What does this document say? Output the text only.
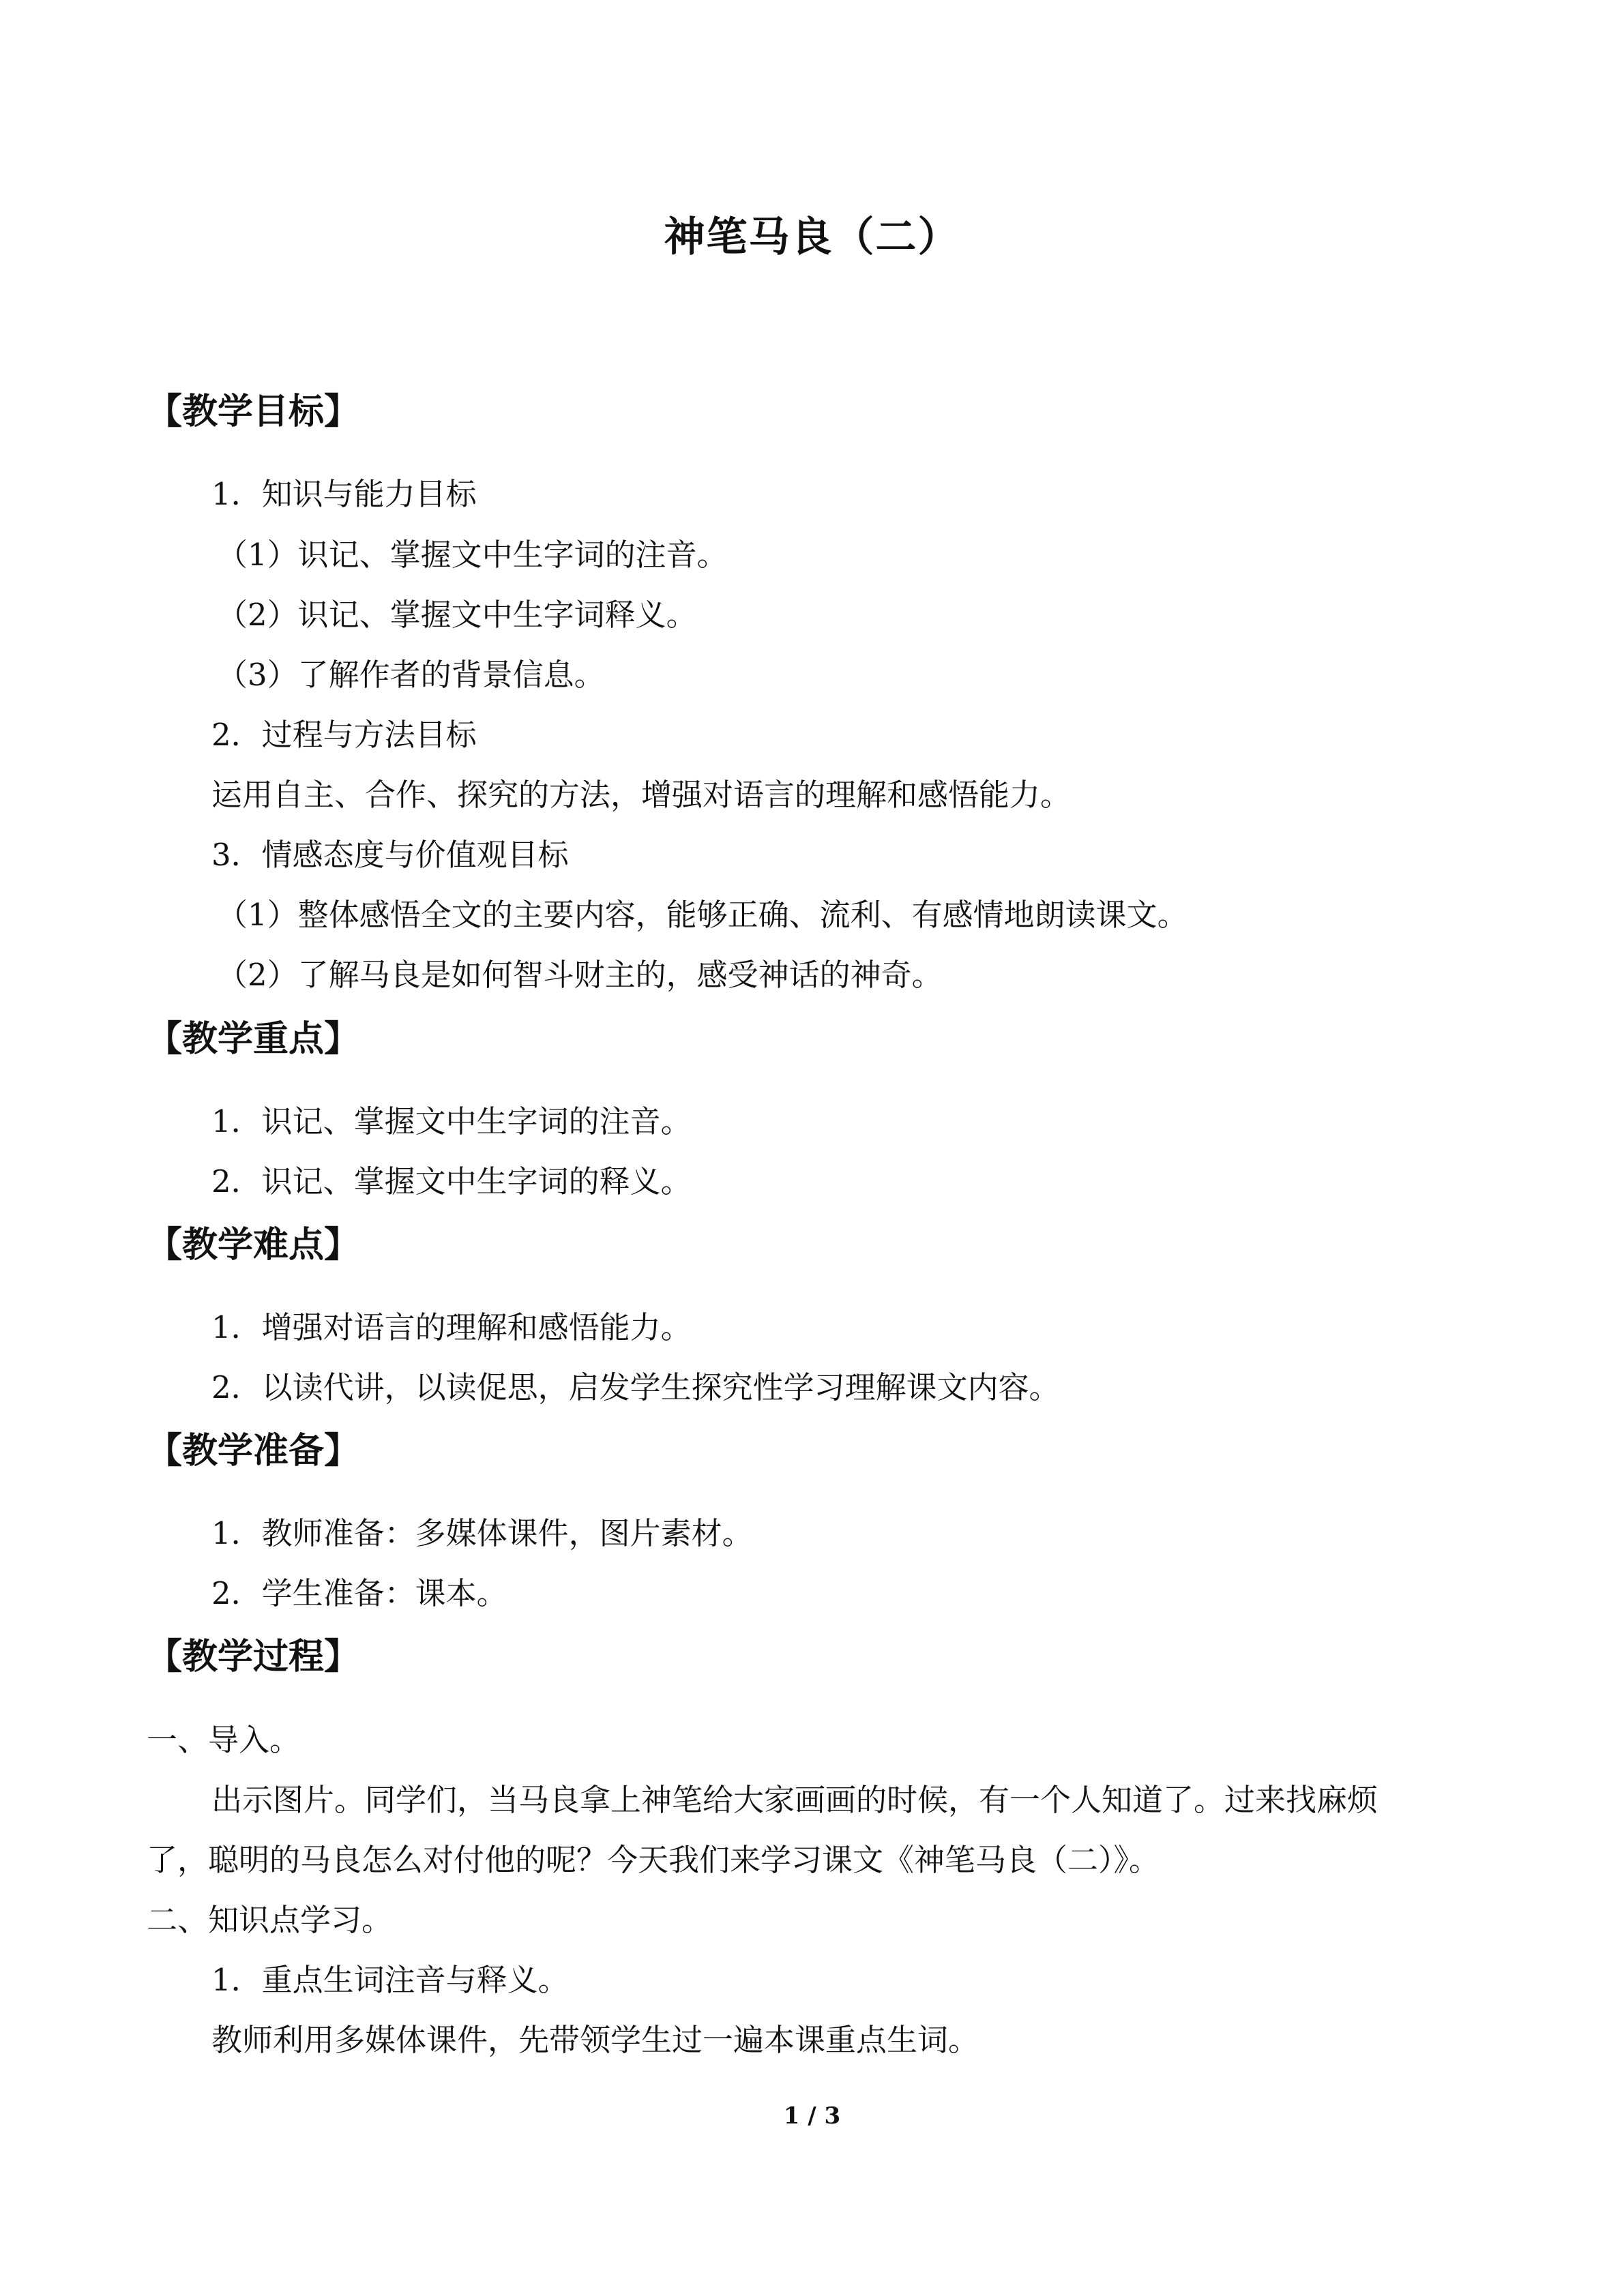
神笔马良（二）
【教学目标】
1．知识与能力目标
（1）识记、掌握文中生字词的注音。
（2）识记、掌握文中生字词释义。
（3）了解作者的背景信息。
2．过程与方法目标
运用自主、合作、探究的方法，增强对语言的理解和感悟能力。
3．情感态度与价值观目标
（1）整体感悟全文的主要内容，能够正确、流利、有感情地朗读课文。
（2）了解马良是如何智斗财主的，感受神话的神奇。
【教学重点】
1．识记、掌握文中生字词的注音。
2．识记、掌握文中生字词的释义。
【教学难点】
1．增强对语言的理解和感悟能力。
2．以读代讲，以读促思，启发学生探究性学习理解课文内容。
【教学准备】
1．教师准备：多媒体课件，图片素材。
2．学生准备：课本。
【教学过程】
一、导入。
出示图片。同学们，当马良拿上神笔给大家画画的时候，有一个人知道了。过来找麻烦
了，聪明的马良怎么对付他的呢？今天我们来学习课文《神笔马良（二）》。
二、知识点学习。
1．重点生词注音与释义。
教师利用多媒体课件，先带领学生过一遍本课重点生词。
1 / 3
